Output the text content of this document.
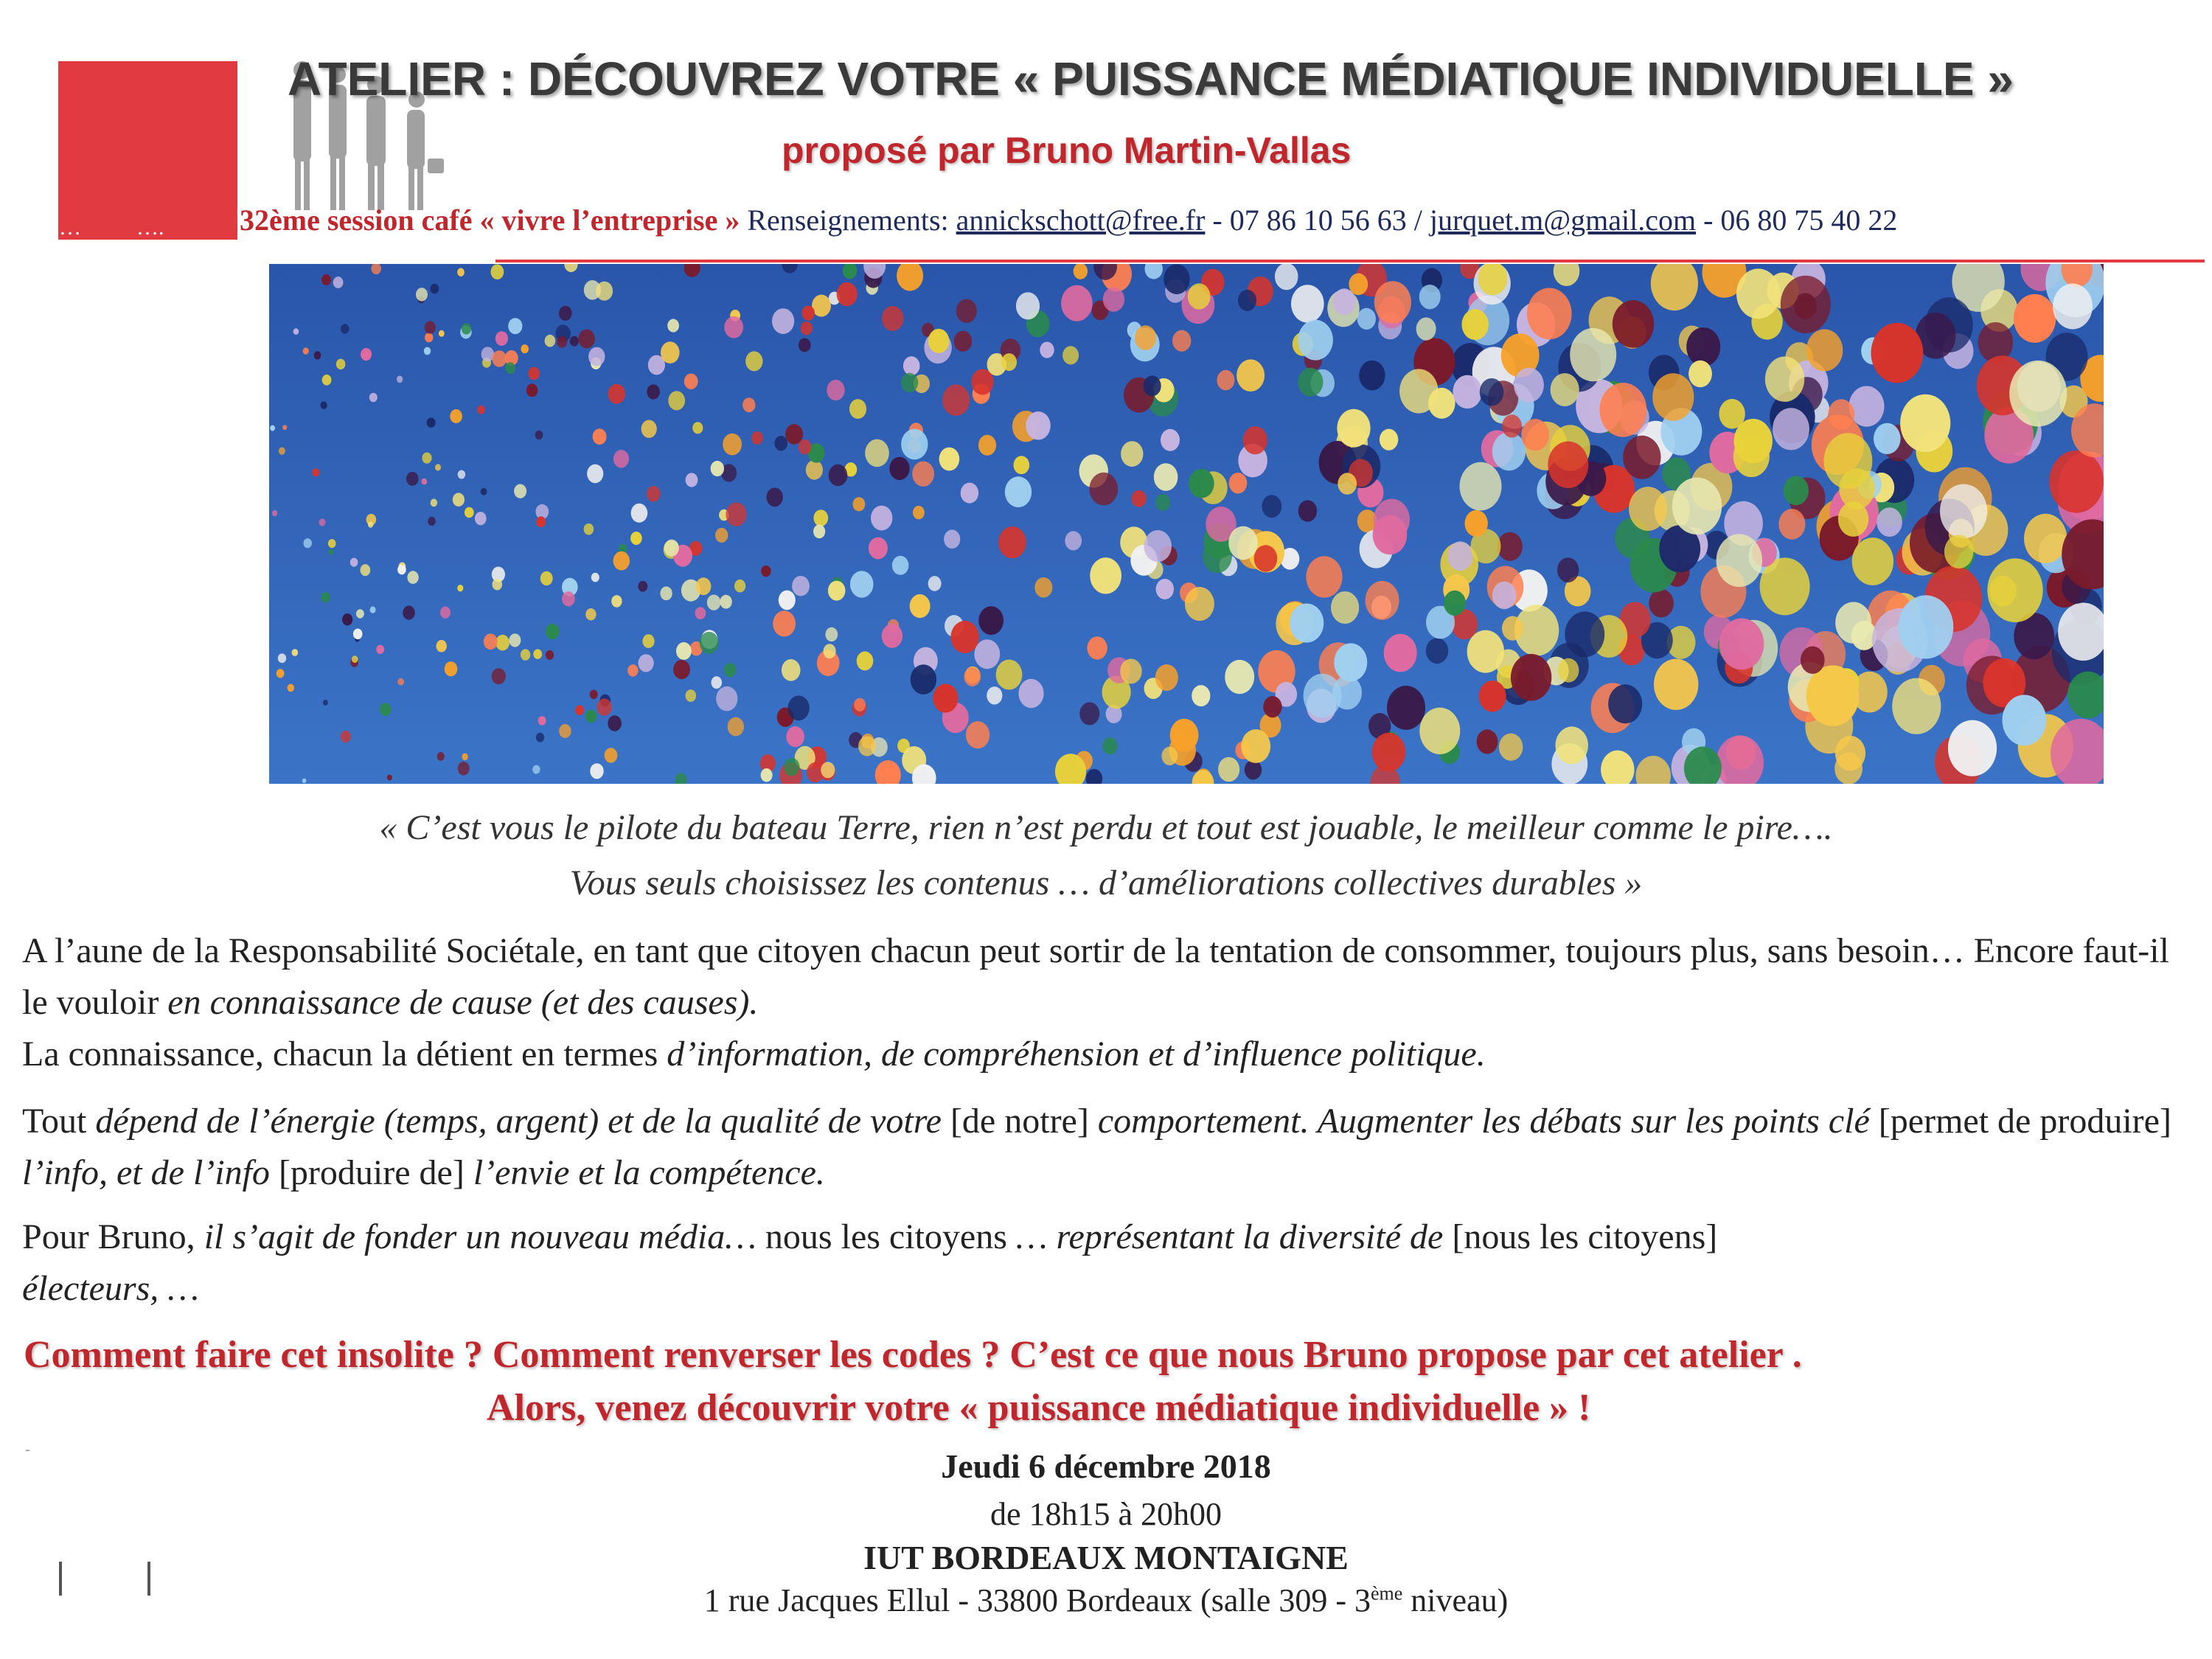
ATELIER : DÉCOUVREZ VOTRE « PUISSANCE MÉDIATIQUE INDIVIDUELLE »
proposé par Bruno Martin-Vallas
…	….	32ème session café « vivre l’entreprise » Renseignements: annickschott@free.fr - 07 86 10 56 63 / jurquet.m@gmail.com - 06 80 75 40 22
« C’est vous le pilote du bateau Terre, rien n’est perdu et tout est jouable, le meilleur comme le pire….
Vous seuls choisissez les contenus … d’améliorations collectives durables »
A l’aune de la Responsabilité Sociétale, en tant que citoyen chacun peut sortir de la tentation de consommer, toujours plus, sans besoin… Encore faut-il le vouloir en connaissance de cause (et des causes).
La connaissance, chacun la détient en termes d’information, de compréhension et d’influence politique.
Tout dépend de l’énergie (temps, argent) et de la qualité de votre [de notre] comportement. Augmenter les débats sur les points clé [permet de produire] l’info, et de l’info [produire de] l’envie et la compétence.
Pour Bruno, il s’agit de fonder un nouveau média… nous les citoyens … représentant la diversité de [nous les citoyens]
électeurs, …
Comment faire cet insolite ? Comment renverser les codes ? C’est ce que nous Bruno propose par cet atelier .
Alors, venez découvrir votre « puissance médiatique individuelle » !
-	Jeudi 6 décembre 2018
de 18h15 à 20h00
IUT BORDEAUX MONTAIGNE
1 rue Jacques Ellul - 33800 Bordeaux (salle 309 - 3ème niveau)
